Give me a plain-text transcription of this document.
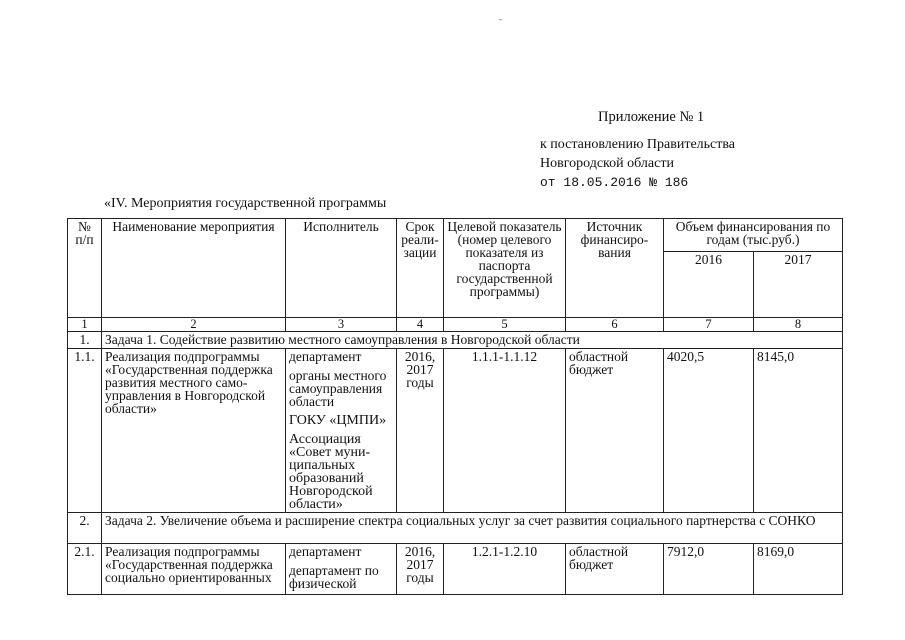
-
Приложение № 1
к постановлению Правительства
Новгородской области
от 18.05.2016 № 186
«IV. Мероприятия государственной программы
№ п/п	Наименование мероприятия	Исполнитель	Срок реали-зации	Целевой показатель (номер целевого показателя из паспорта государственной программы)	Источник финансиро-вания	Объем финансирования по годам (тыс.руб.)	
						2016	2017
1	2	3	4	5	6	7	8
1.	Задача 1. Содействие развитию местного самоуправления в Новгородской области						
1.1.	Реализация подпрограммы «Государственная поддержка развития местного само-управления в Новгородской области»	департамент
органы местного самоуправления области
ГОКУ «ЦМПИ»
Ассоциация «Совет муни-ципальных образований Новгородской области»	2016, 2017 годы	1.1.1-1.1.12	областной бюджет	4020,5	8145,0
2.	Задача 2. Увеличение объема и расширение спектра социальных услуг за счет развития социального партнерства с СОНКО						
2.1.	Реализация подпрограммы «Государственная поддержка социально ориентированных	департамент
департамент по физической	2016, 2017 годы	1.2.1-1.2.10	областной бюджет	7912,0	8169,0
